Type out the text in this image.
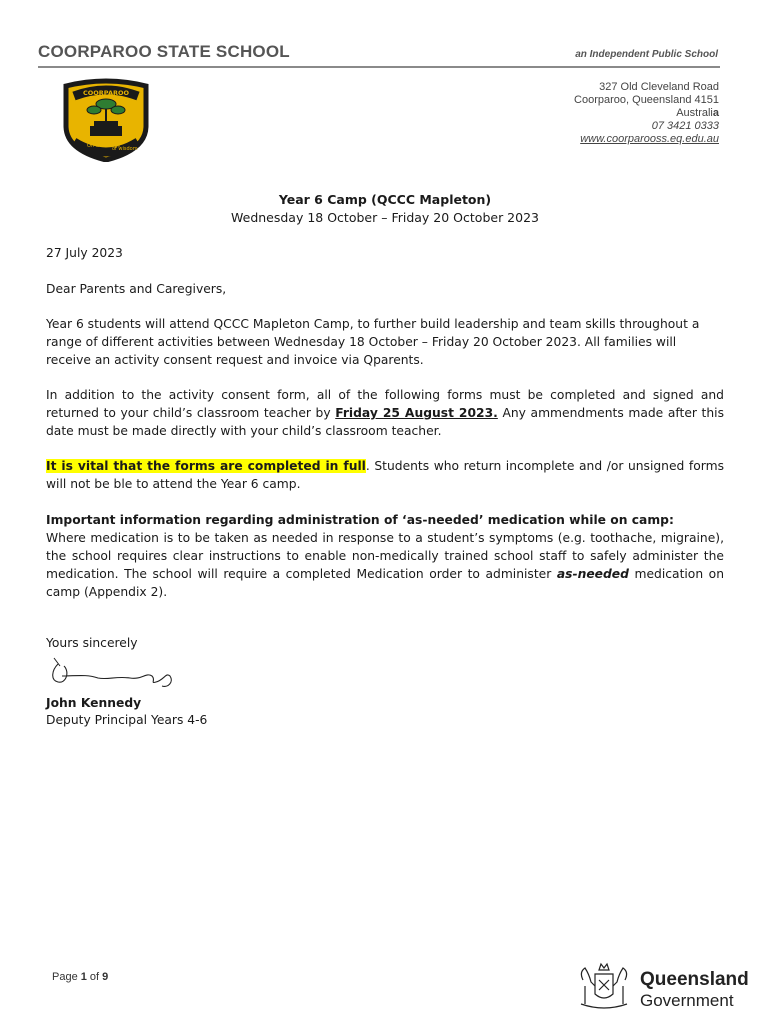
COORPAROO STATE SCHOOL	an Independent Public School
COORPAROO
On the wings
of wisdom
327 Old Cleveland Road
Coorparoo, Queensland 4151
Australia
07 3421 0333
www.coorparooss.eq.edu.au
Year 6 Camp (QCCC Mapleton)
Wednesday 18 October – Friday 20 October 2023
27 July 2023
Dear Parents and Caregivers,
Year 6 students will attend QCCC Mapleton Camp, to further build leadership and team skills throughout a range of different activities between Wednesday 18 October – Friday 20 October 2023. All families will receive an activity consent request and invoice via Qparents.
In addition to the activity consent form, all of the following forms must be completed and signed and returned to your child’s classroom teacher by Friday 25 August 2023. Any ammendments made after this date must be made directly with your child’s classroom teacher.
It is vital that the forms are completed in full. Students who return incomplete and /or unsigned forms will not be ble to attend the Year 6 camp.
Important information regarding administration of ‘as-needed’ medication while on camp:
Where medication is to be taken as needed in response to a student’s symptoms (e.g. toothache, migraine), the school requires clear instructions to enable non-medically trained school staff to safely administer the medication. The school will require a completed Medication order to administer as-needed medication on camp (Appendix 2).
Yours sincerely
John Kennedy
Deputy Principal Years 4-6
Page 1 of 9	Queensland
Government
